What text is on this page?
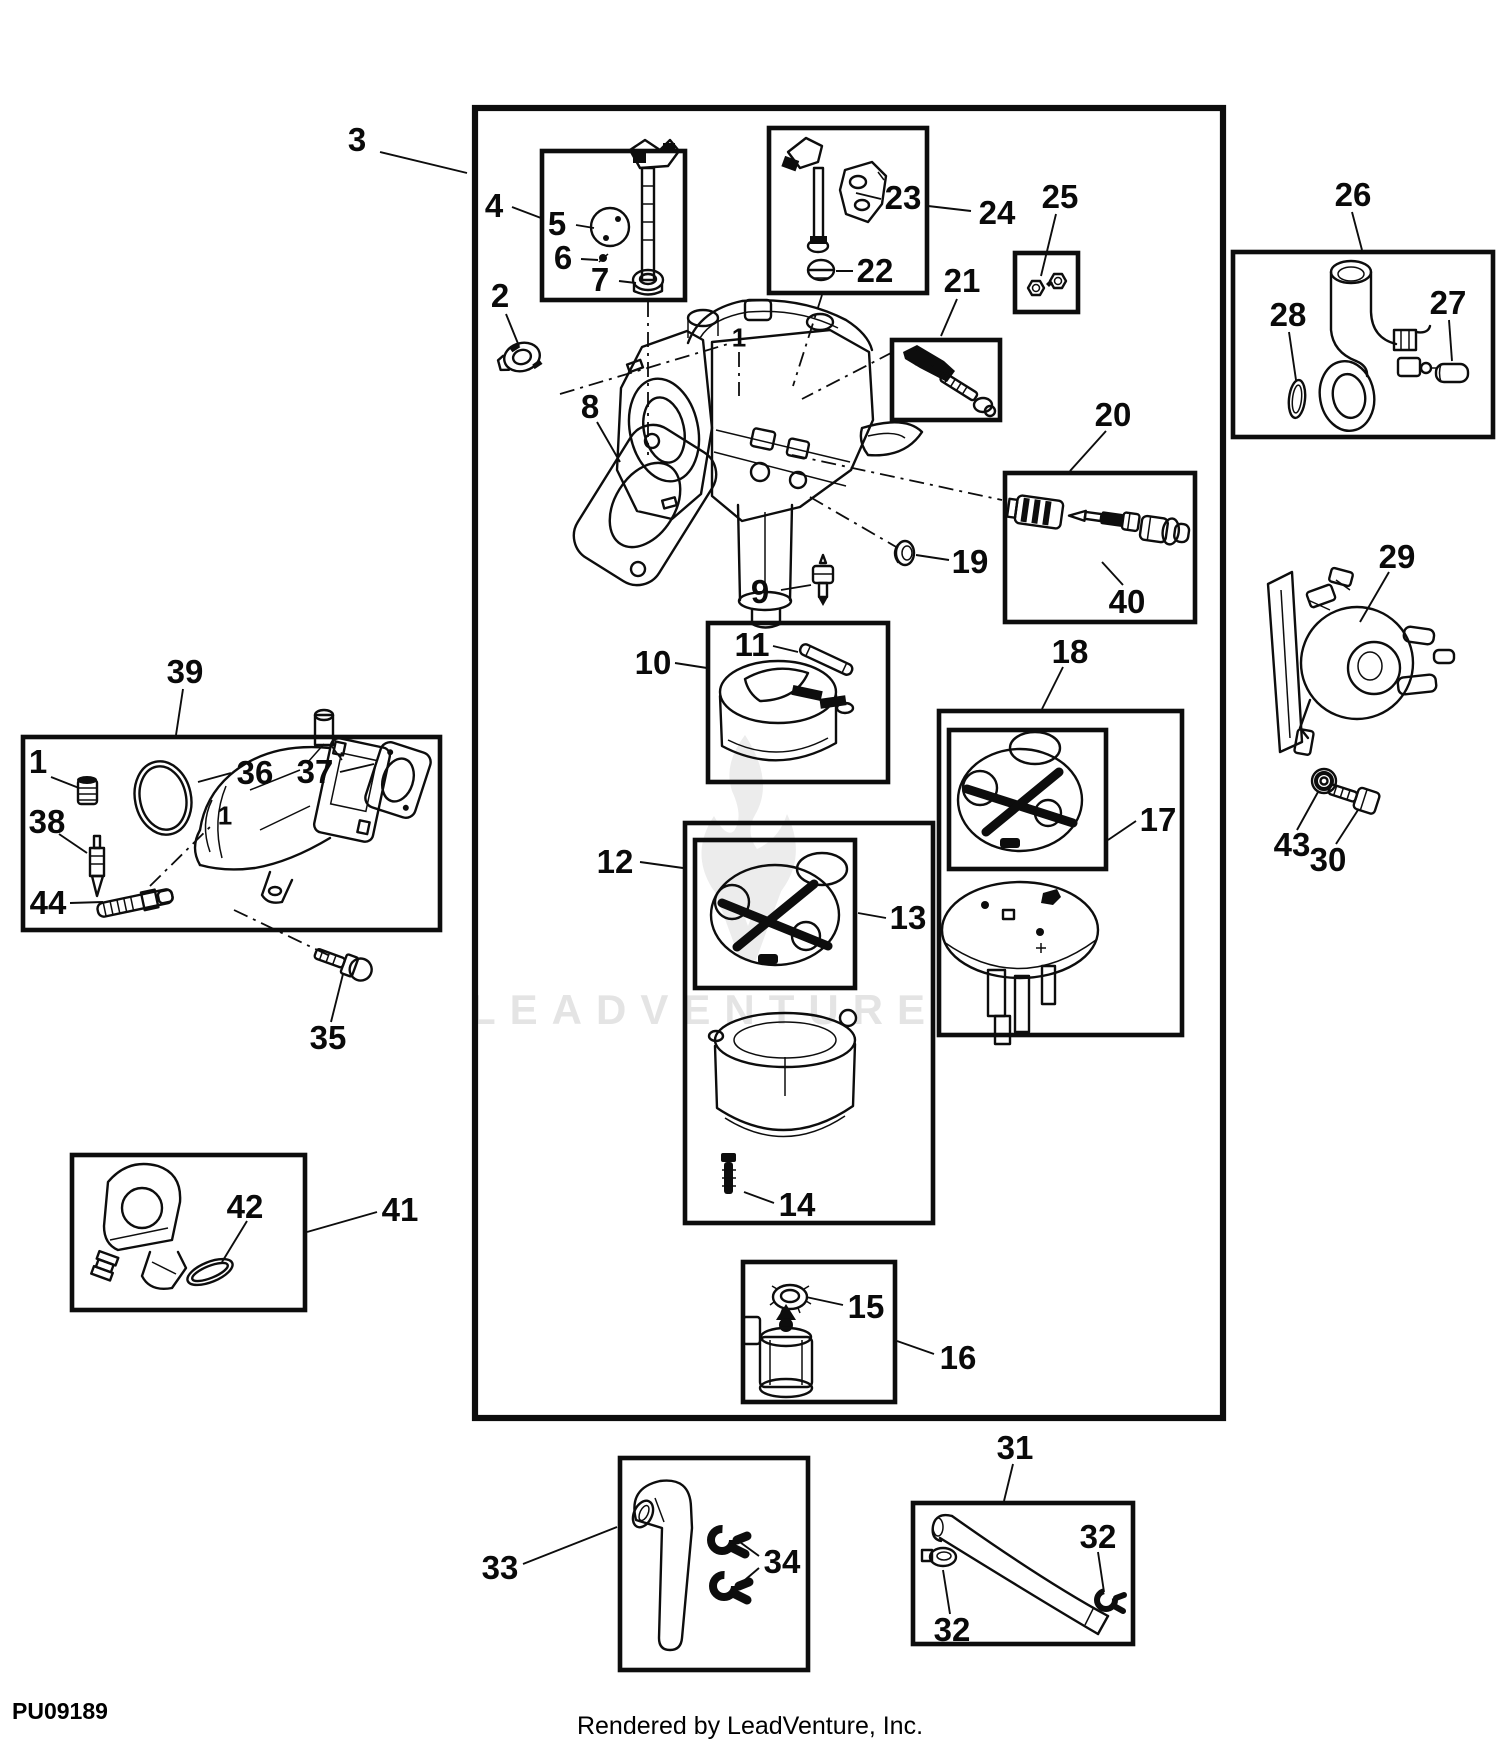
LEADVENTURE
3
4 5
6
7
2
23 24 25
22 21
26
28	27
8	20
1
19
40
9
29
10 11	18
39
1	36 37
38	1
44
17
12
13
43 30
35
42	41	14
15
16
33	34
31
32
32
PU09189
Rendered by LeadVenture, Inc.
